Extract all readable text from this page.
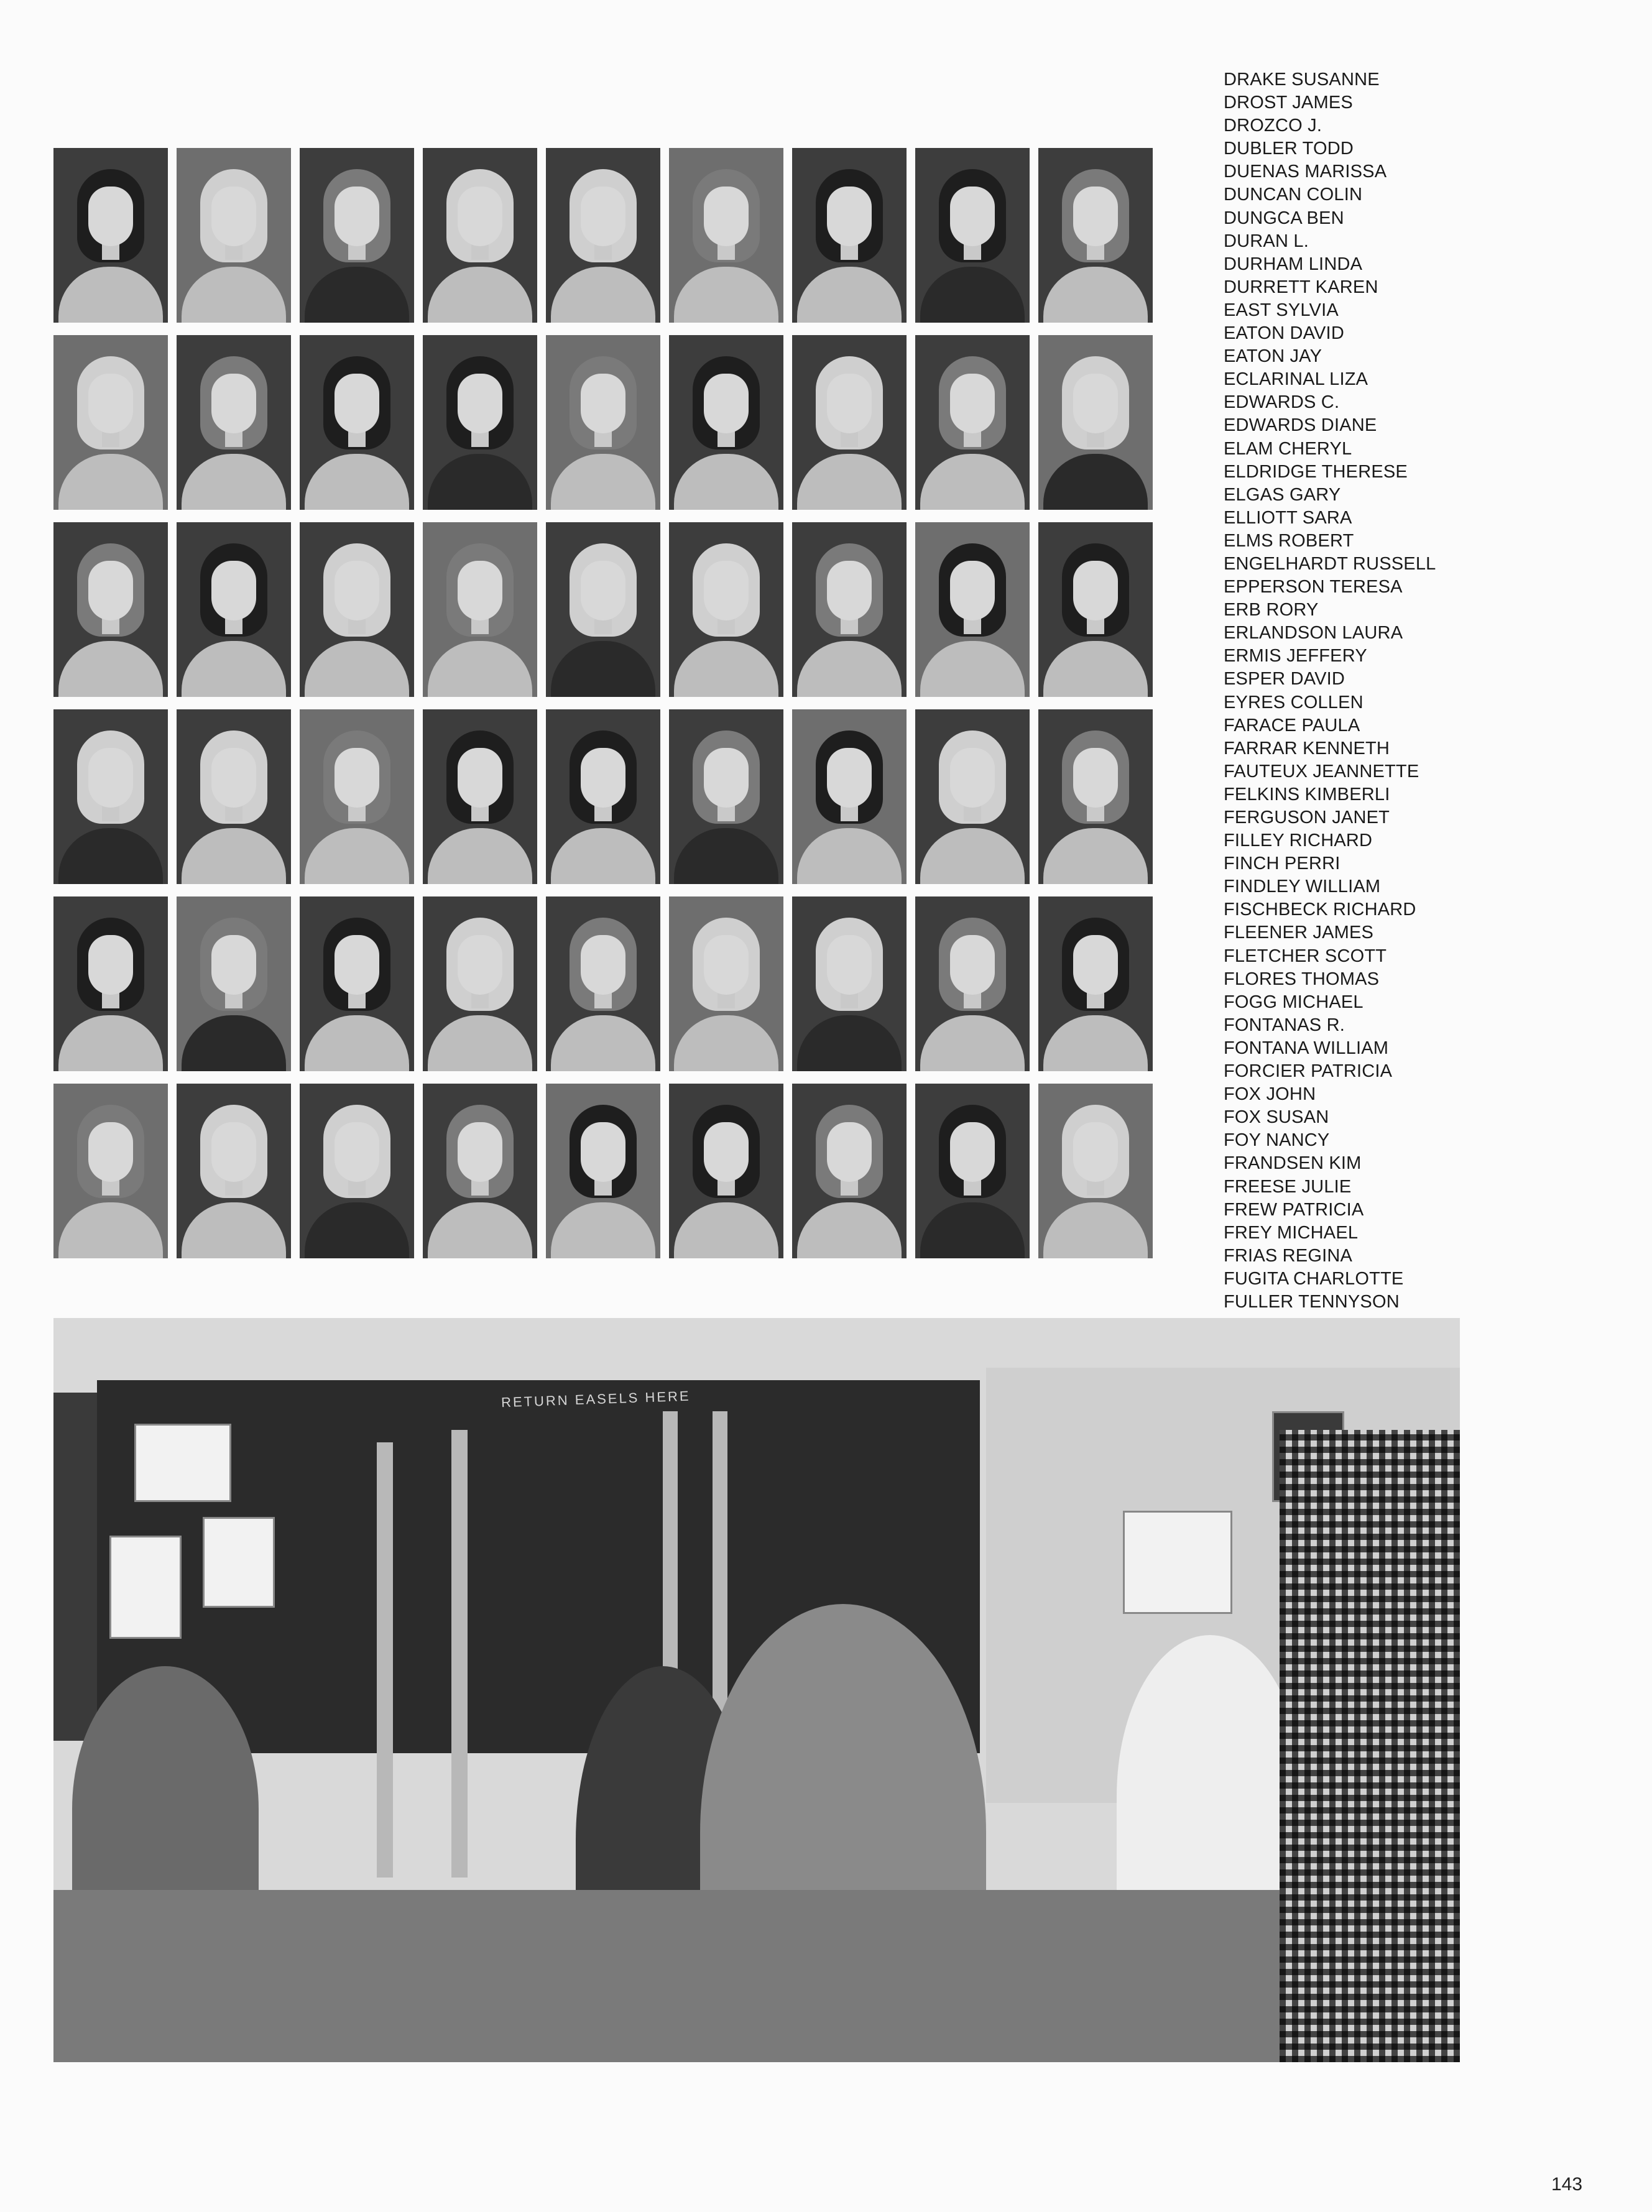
DRAKE SUSANNE
DROST JAMES
DROZCO J.
DUBLER TODD
DUENAS MARISSA
DUNCAN COLIN
DUNGCA BEN
DURAN L.
DURHAM LINDA
DURRETT KAREN
EAST SYLVIA
EATON DAVID
EATON JAY
ECLARINAL LIZA
EDWARDS C.
EDWARDS DIANE
ELAM CHERYL
ELDRIDGE THERESE
ELGAS GARY
ELLIOTT SARA
ELMS ROBERT
ENGELHARDT RUSSELL
EPPERSON TERESA
ERB RORY
ERLANDSON LAURA
ERMIS JEFFERY
ESPER DAVID
EYRES COLLEN
FARACE PAULA
FARRAR KENNETH
FAUTEUX JEANNETTE
FELKINS KIMBERLI
FERGUSON JANET
FILLEY RICHARD
FINCH PERRI
FINDLEY WILLIAM
FISCHBECK RICHARD
FLEENER JAMES
FLETCHER SCOTT
FLORES THOMAS
FOGG MICHAEL
FONTANAS R.
FONTANA WILLIAM
FORCIER PATRICIA
FOX JOHN
FOX SUSAN
FOY NANCY
FRANDSEN KIM
FREESE JULIE
FREW PATRICIA
FREY MICHAEL
FRIAS REGINA
FUGITA CHARLOTTE
FULLER TENNYSON
RETURN EASELS HERE
143
